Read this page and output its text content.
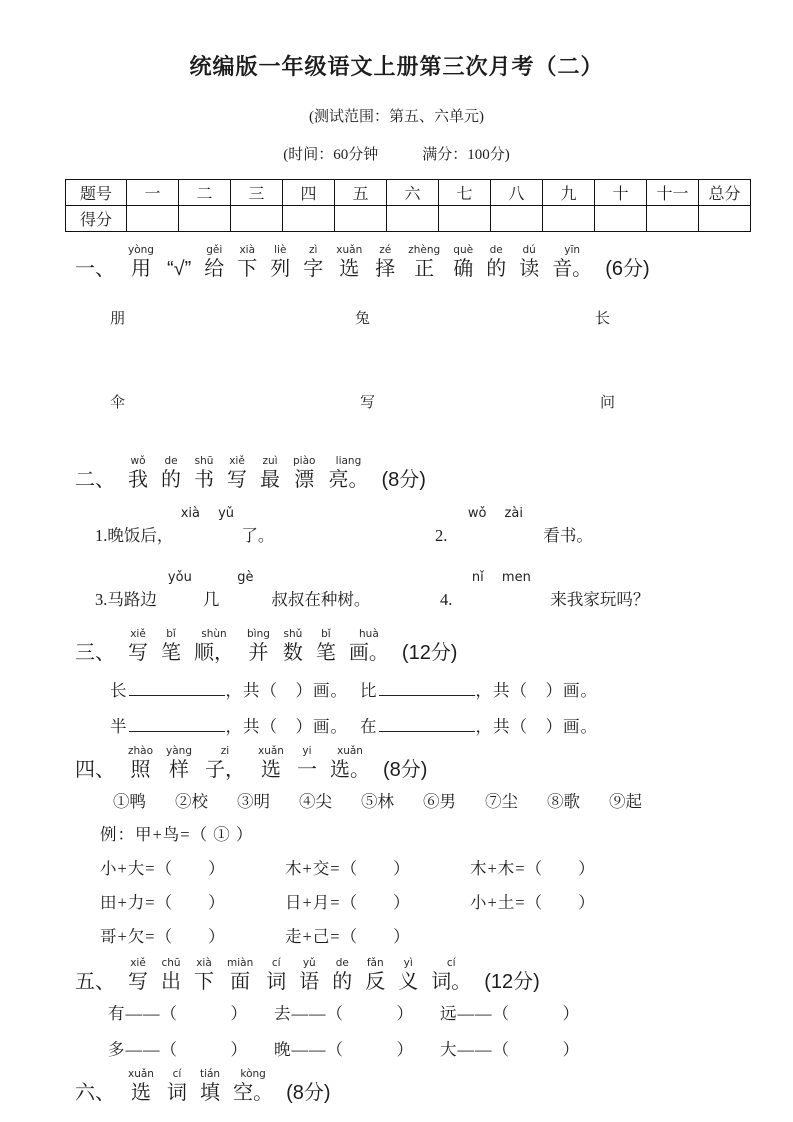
统编版一年级语文上册第三次月考（二）
(测试范围：第五、六单元)
(时间：60分钟	满分：100分)
题号	一	二	三	四	五	六	七	八	九	十	十一	总分
得分												

一、
yòng
用
“√”
gěi
给
xià
下
liè
列
zì
字
xuǎn
选
zé
择
zhèng
正
què
确
de
的
dú
读
yīn
音。
(6分)
朋	兔	长
伞	写	问

二、
wǒ
我
de
的
shū
书
xiě
写
zuì
最
piào
漂
liang
亮。
(8分)
1.晚饭后，
xià yǔ
了。	2.
wǒ zài
看书。
3.马路边
yǒu
几
gè
叔叔在种树。	4.
nǐ men
来我家玩吗？

三、
xiě
写
bǐ
笔
shùn
顺，
bìng
并
shǔ
数
bǐ
笔
huà
画。
(12分)
长	，共（　）画。 比	，共（　）画。
半	，共（　）画。 在	，共（　）画。

四、
zhào
照
yàng
样
zi
子，
xuǎn
选
yi
一
xuǎn
选。
(8分)
①鸭 ②校 ③明 ④尖 ⑤林 ⑥男 ⑦尘 ⑧歌 ⑨起
例：甲+鸟=（ ① ）
小+大=（　　）	木+交=（　　）	木+木=（　　）
田+力=（　　）	日+月=（　　）	小+土=（　　）
哥+欠=（　　）	走+己=（　　）

五、
xiě
写
chū
出
xià
下
miàn
面
cí
词
yǔ
语
de
的
fǎn
反
yì
义
cí
词。
(12分)
有——（　　　）	去——（　　　）	远——（　　　）
多——（　　　）	晚——（　　　）	大——（　　　）

六、
xuǎn
选
cí
词
tián
填
kòng
空。
(8分)
